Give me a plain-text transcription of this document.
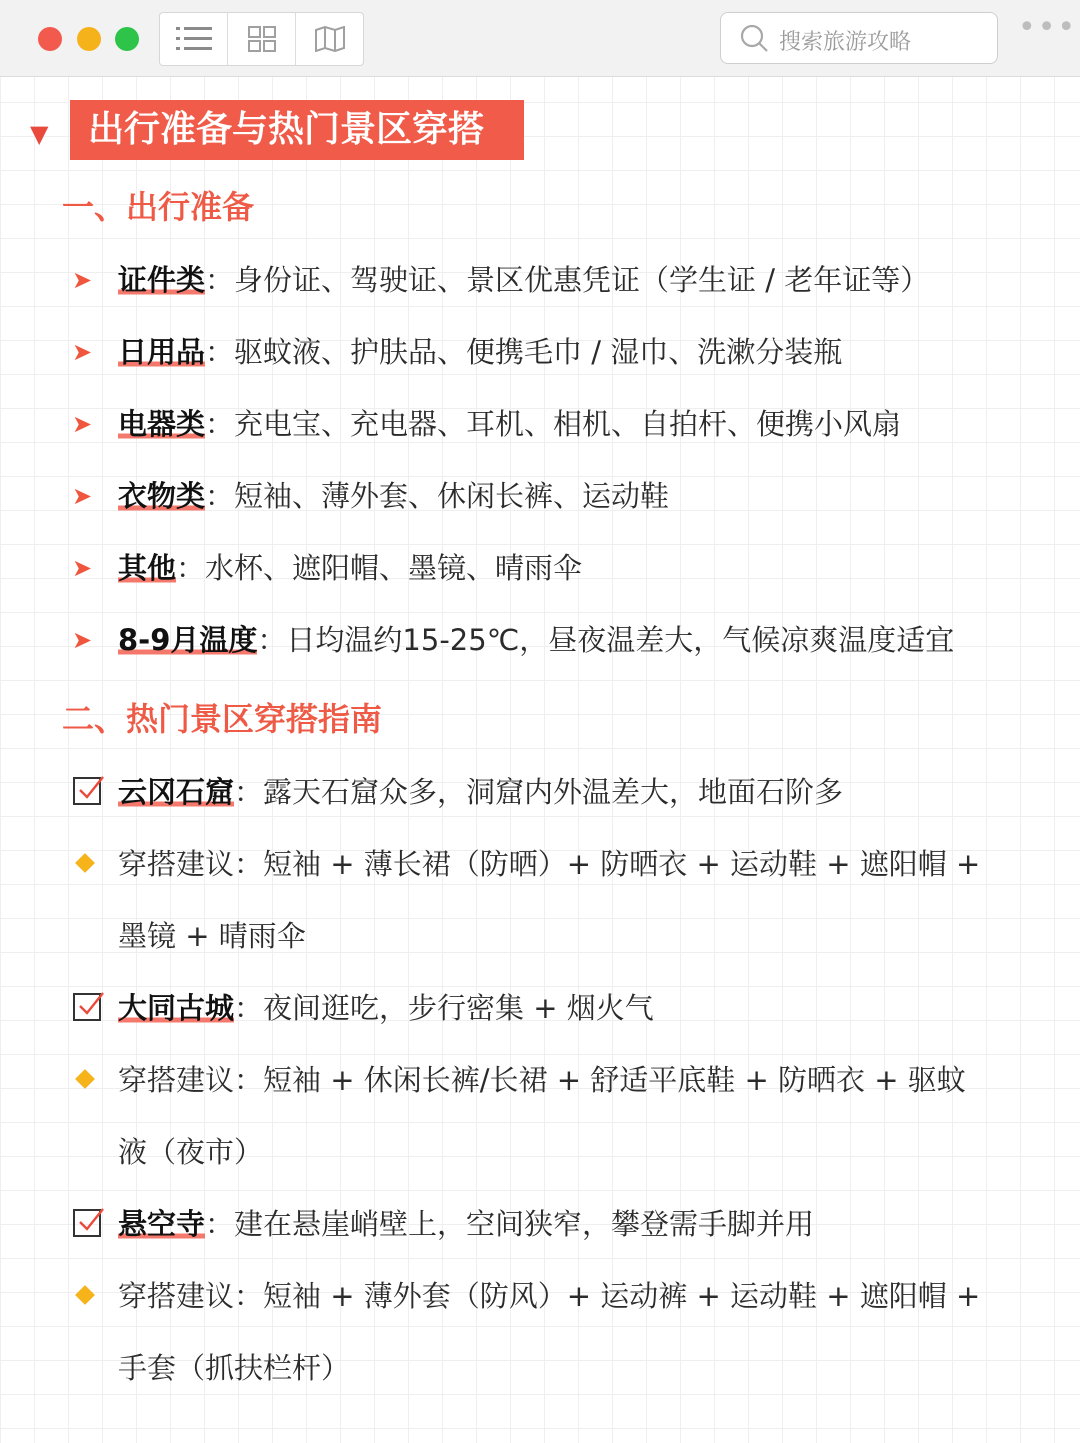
搜索旅游攻略	•••
▼	出行准备与热门景区穿搭
一、出行准备
➤ 证件类：身份证、驾驶证、景区优惠凭证（学生证 / 老年证等）
➤ 日用品：驱蚊液、护肤品、便携毛巾 / 湿巾、洗漱分装瓶
➤ 电器类：充电宝、充电器、耳机、相机、自拍杆、便携小风扇
➤ 衣物类：短袖、薄外套、休闲长裤、运动鞋
➤ 其他：水杯、遮阳帽、墨镜、晴雨伞
➤ 8-9月温度：日均温约15-25℃，昼夜温差大，气候凉爽温度适宜
二、热门景区穿搭指南
云冈石窟：露天石窟众多，洞窟内外温差大，地面石阶多
穿搭建议：短袖 + 薄长裙（防晒）+ 防晒衣 + 运动鞋 + 遮阳帽 +
墨镜 + 晴雨伞
大同古城：夜间逛吃，步行密集 + 烟火气
穿搭建议：短袖 + 休闲长裤/长裙 + 舒适平底鞋 + 防晒衣 + 驱蚊
液（夜市）
悬空寺：建在悬崖峭壁上，空间狭窄，攀登需手脚并用
穿搭建议：短袖 + 薄外套（防风）+ 运动裤 + 运动鞋 + 遮阳帽 +
手套（抓扶栏杆）
